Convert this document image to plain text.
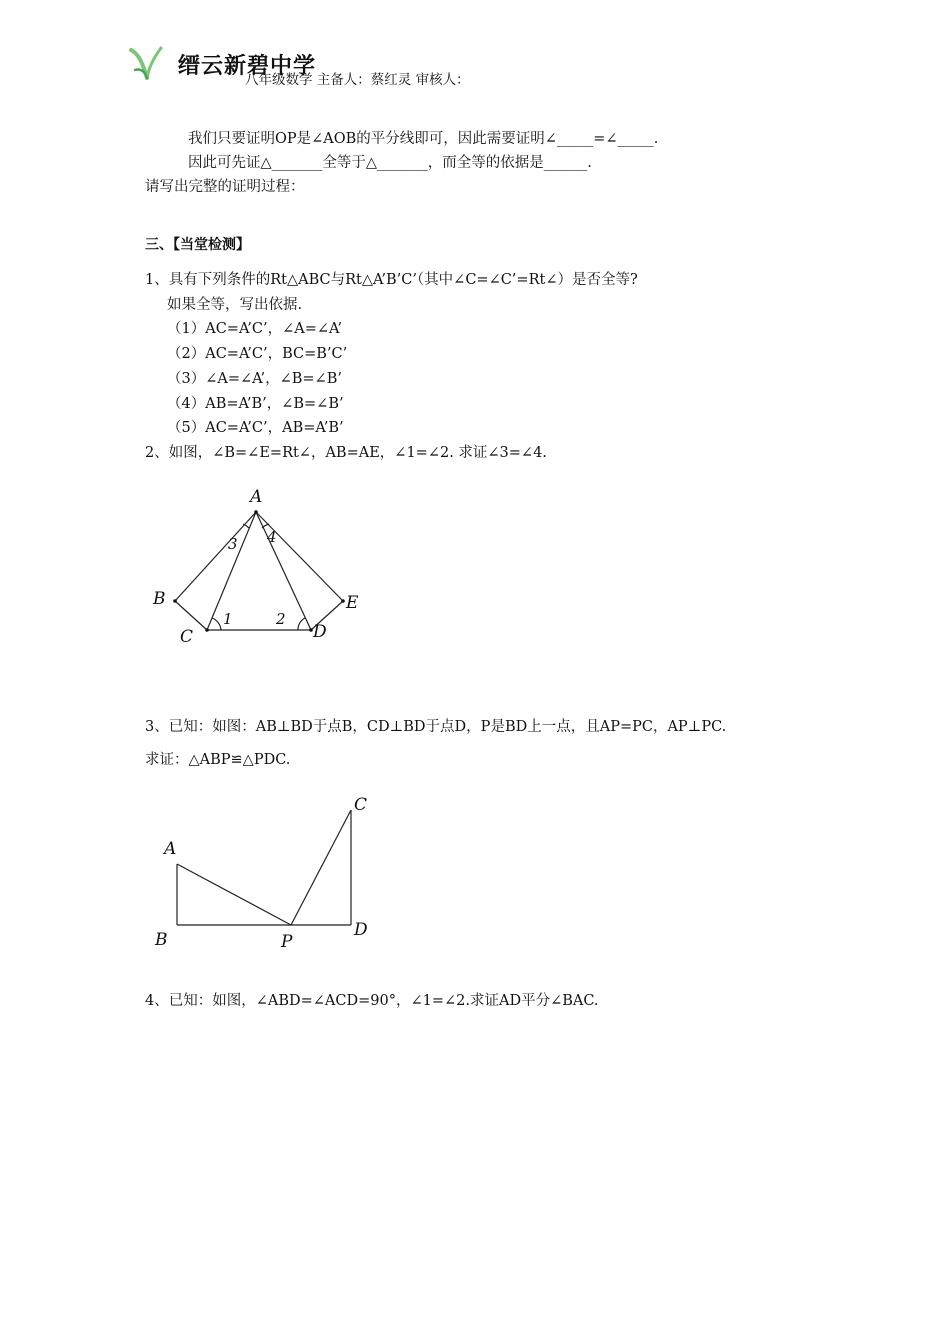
缙云新碧中学
八年级数学 主备人：蔡红灵 审核人：
我们只要证明OP是∠AOB的平分线即可，因此需要证明∠_____=∠_____.
因此可先证△_______全等于△_______，而全等的依据是______.
请写出完整的证明过程：
三、【当堂检测】
1、具有下列条件的Rt△ABC与Rt△A’B’C’（其中∠C=∠C’=Rt∠）是否全等?
如果全等，写出依据.
（1）AC=A’C’，∠A=∠A’
（2）AC=A’C’，BC=B’C’
（3）∠A=∠A’，∠B=∠B’
（4）AB=A’B’，∠B=∠B’
（5）AC=A’C’，AB=A’B’
2、如图，∠B=∠E=Rt∠，AB=AE，∠1=∠2. 求证∠3=∠4.
A
B
C	D
E
1	2
3 4
3、已知：如图：AB⊥BD于点B，CD⊥BD于点D，P是BD上一点，且AP=PC，AP⊥PC.
求证：△ABP≌△PDC.
A
B
C
D
P
4、已知：如图，∠ABD=∠ACD=90°，∠1=∠2.求证AD平分∠BAC.
